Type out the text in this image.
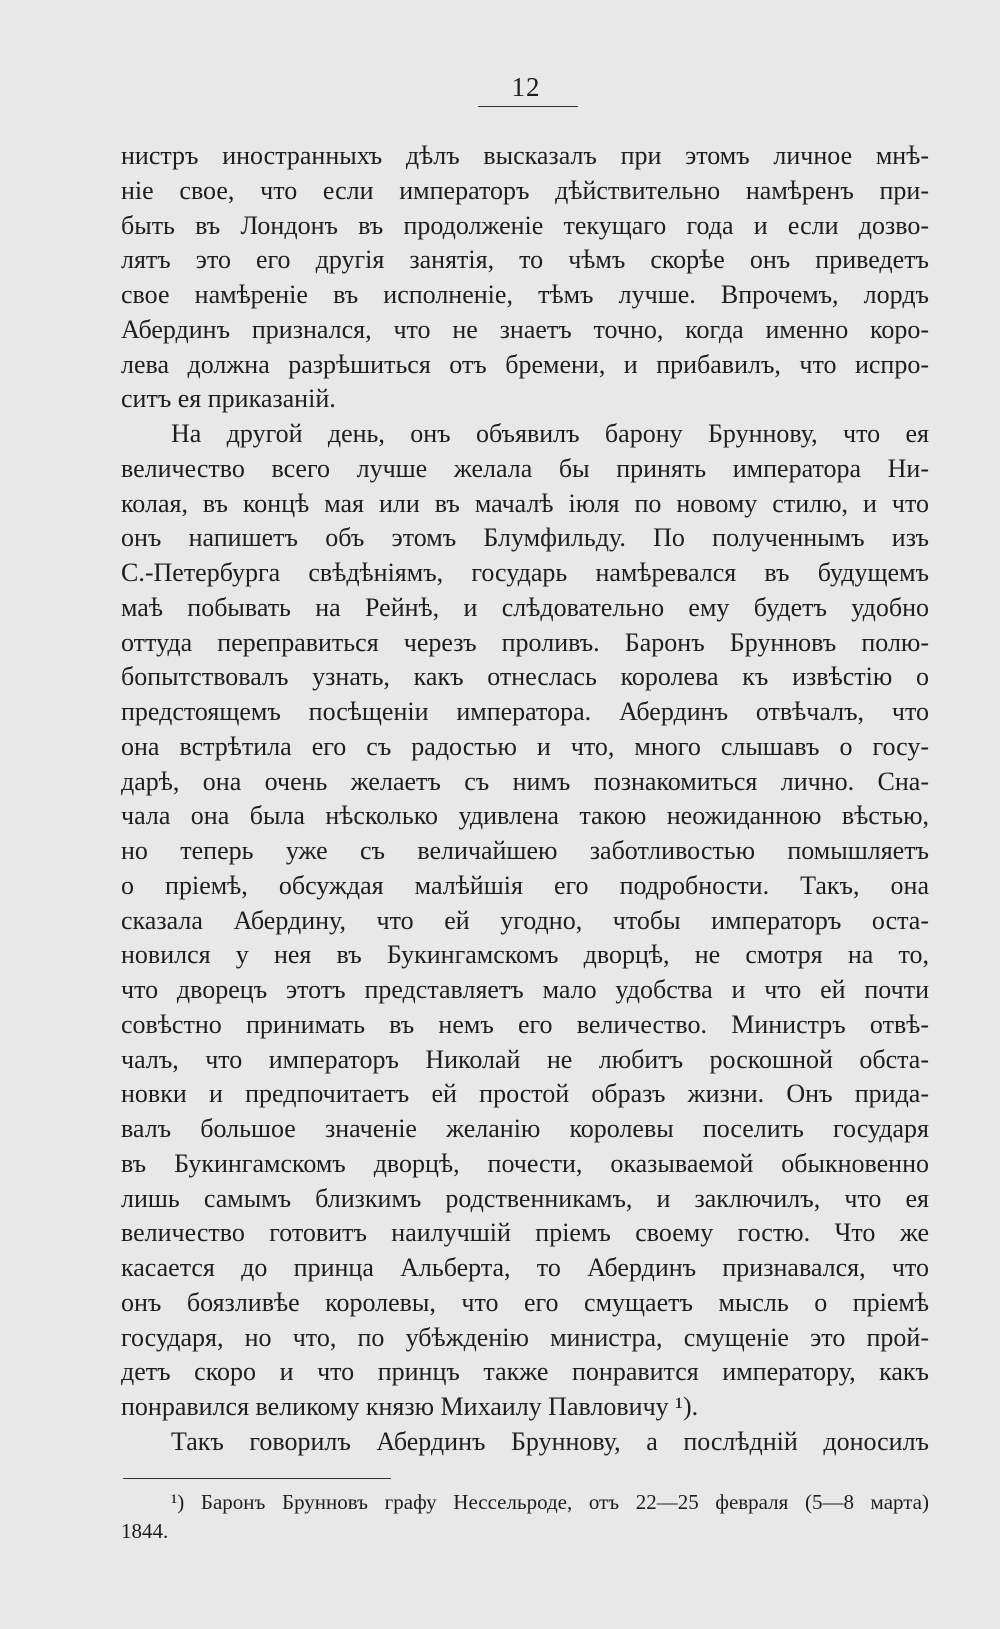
12
нистръ иностранныхъ дѣлъ высказалъ при этомъ личное мнѣ-
ніе свое, что если императоръ дѣйствительно намѣренъ при-
быть въ Лондонъ въ продолженіе текущаго года и если дозво-
лятъ это его другія занятія, то чѣмъ скорѣе онъ приведетъ
свое намѣреніе въ исполненіе, тѣмъ лучше. Впрочемъ, лордъ
Абердинъ признался, что не знаетъ точно, когда именно коро-
лева должна разрѣшиться отъ бремени, и прибавилъ, что испро-
ситъ ея приказаній.
На другой день, онъ объявилъ барону Бруннову, что ея
величество всего лучше желала бы принять императора Ни-
колая, въ концѣ мая или въ мачалѣ іюля по новому стилю, и что
онъ напишетъ объ этомъ Блумфильду. По полученнымъ изъ
С.-Петербурга свѣдѣніямъ, государь намѣревался въ будущемъ
маѣ побывать на Рейнѣ, и слѣдовательно ему будетъ удобно
оттуда переправиться черезъ проливъ. Баронъ Брунновъ полю-
бопытствовалъ узнать, какъ отнеслась королева къ извѣстію о
предстоящемъ посѣщеніи императора. Абердинъ отвѣчалъ, что
она встрѣтила его съ радостью и что, много слышавъ о госу-
дарѣ, она очень желаетъ съ нимъ познакомиться лично. Сна-
чала она была нѣсколько удивлена такою неожиданною вѣстью,
но теперь уже съ величайшею заботливостью помышляетъ
о пріемѣ, обсуждая малѣйшія его подробности. Такъ, она
сказала Абердину, что ей угодно, чтобы императоръ оста-
новился у нея въ Букингамскомъ дворцѣ, не смотря на то,
что дворецъ этотъ представляетъ мало удобства и что ей почти
совѣстно принимать въ немъ его величество. Министръ отвѣ-
чалъ, что императоръ Николай не любитъ роскошной обста-
новки и предпочитаетъ ей простой образъ жизни. Онъ прида-
валъ большое значеніе желанію королевы поселить государя
въ Букингамскомъ дворцѣ, почести, оказываемой обыкновенно
лишь самымъ близкимъ родственникамъ, и заключилъ, что ея
величество готовитъ наилучшій пріемъ своему гостю. Что же
касается до принца Альберта, то Абердинъ признавался, что
онъ боязливѣе королевы, что его смущаетъ мысль о пріемѣ
государя, но что, по убѣжденію министра, смущеніе это прой-
детъ скоро и что принцъ также понравится императору, какъ
понравился великому князю Михаилу Павловичу ¹).
Такъ говорилъ Абердинъ Бруннову, а послѣдній доносилъ
¹) Баронъ Брунновъ графу Нессельроде, отъ 22—25 февраля (5—8 марта)
1844.
